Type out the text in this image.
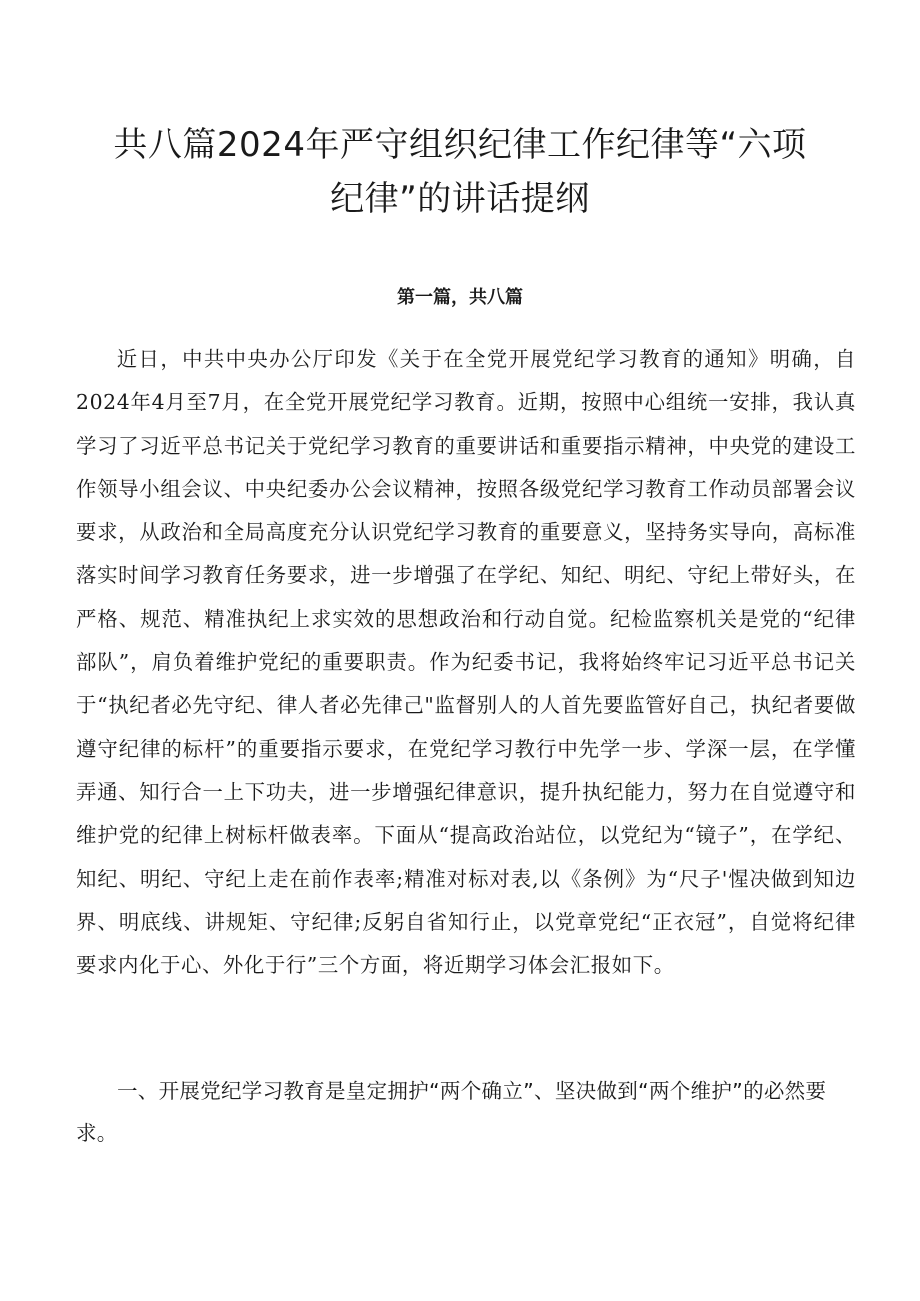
共八篇2024年严守组织纪律工作纪律等“六项纪律”的讲话提纲
第一篇，共八篇

近日，中共中央办公厅印发《关于在全党开展党纪学习教育的通知》明确，自2024年4月至7月，在全党开展党纪学习教育。近期，按照中心组统一安排，我认真学习了习近平总书记关于党纪学习教育的重要讲话和重要指示精神，中央党的建设工作领导小组会议、中央纪委办公会议精神，按照各级党纪学习教育工作动员部署会议要求，从政治和全局高度充分认识党纪学习教育的重要意义，坚持务实导向，高标准落实时间学习教育任务要求，进一步增强了在学纪、知纪、明纪、守纪上带好头，在严格、规范、精准执纪上求实效的思想政治和行动自觉。纪检监察机关是党的“纪律部队”，肩负着维护党纪的重要职责。作为纪委书记，我将始终牢记习近平总书记关于“执纪者必先守纪、律人者必先律己"监督别人的人首先要监管好自己，执纪者要做遵守纪律的标杆”的重要指示要求，在党纪学习教行中先学一步、学深一层，在学懂弄通、知行合一上下功夫，进一步增强纪律意识，提升执纪能力，努力在自觉遵守和维护党的纪律上树标杆做表率。下面从“提高政治站位，以党纪为“镜子”，在学纪、知纪、明纪、守纪上走在前作表率;精准对标对表,以《条例》为“尺子'惺决做到知边界、明底线、讲规矩、守纪律;反躬自省知行止，以党章党纪“正衣冠”，自觉将纪律要求内化于心、外化于行”三个方面，将近期学习体会汇报如下。

一、开展党纪学习教育是皇定拥护“两个确立”、坚决做到“两个维护”的必然要求。
